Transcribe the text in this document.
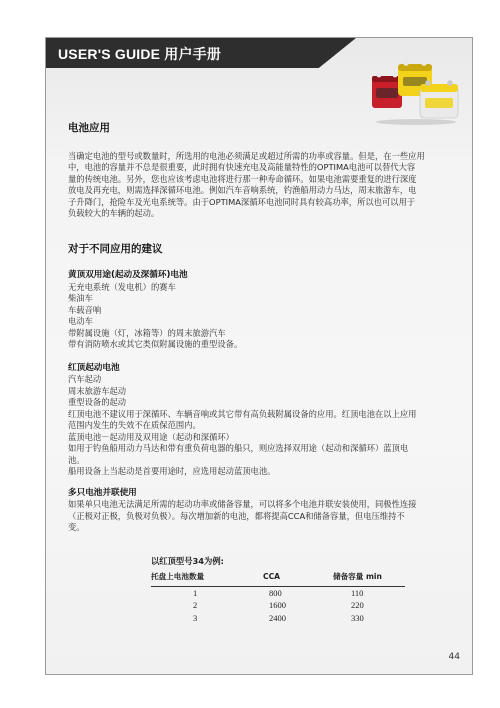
USER'S GUIDE 用户手册
电池应用

当确定电池的型号或数量时，所选用的电池必须满足或超过所需的功率或容量。但是，在一些应用
中，电池的容量并不总是很重要，此时拥有快速充电及高能量特性的OPTIMA电池可以替代大容
量的传统电池。另外，您也应该考虑电池将进行那一种寿命循环。如果电池需要重复的进行深度
放电及再充电，则需选择深循环电池。例如汽车音响系统，钓渔船用动力马达，周末旅游车，电
子升降门，抢险车及光电系统等。由于OPTIMA深循环电池同时具有较高功率，所以也可以用于
负载较大的车辆的起动。

对于不同应用的建议
黄顶双用途(起动及深循环)电池
无充电系统（发电机）的赛车
柴油车
车载音响
电动车
带附属设施（灯，冰箱等）的周末旅游汽车
带有消防喷水或其它类似附属设施的重型设备。
红顶起动电池
汽车起动
周末旅游车起动
重型设备的起动

红顶电池不建议用于深循环、车辆音响或其它带有高负载附属设备的应用。红顶电池在以上应用
范围内发生的失效不在质保范围内。
蓝顶电池－起动用及双用途（起动和深循环）
如用于钓鱼船用动力马达和带有重负荷电器的船只，则应选择双用途（起动和深循环）蓝顶电
池。
船用设备上当起动是首要用途时，应选用起动蓝顶电池。

多只电池并联使用

如果单只电池无法满足所需的起动功率或储备容量，可以将多个电池并联安装使用，同极性连接
（正极对正极，负极对负极）。每次增加新的电池，都将提高CCA和储备容量，但电压维持不
变。

以红顶型号34为例:
托盘上电池数量	CCA	储备容量 min
1	800	110
2	1600	220
3	2400	330
44
